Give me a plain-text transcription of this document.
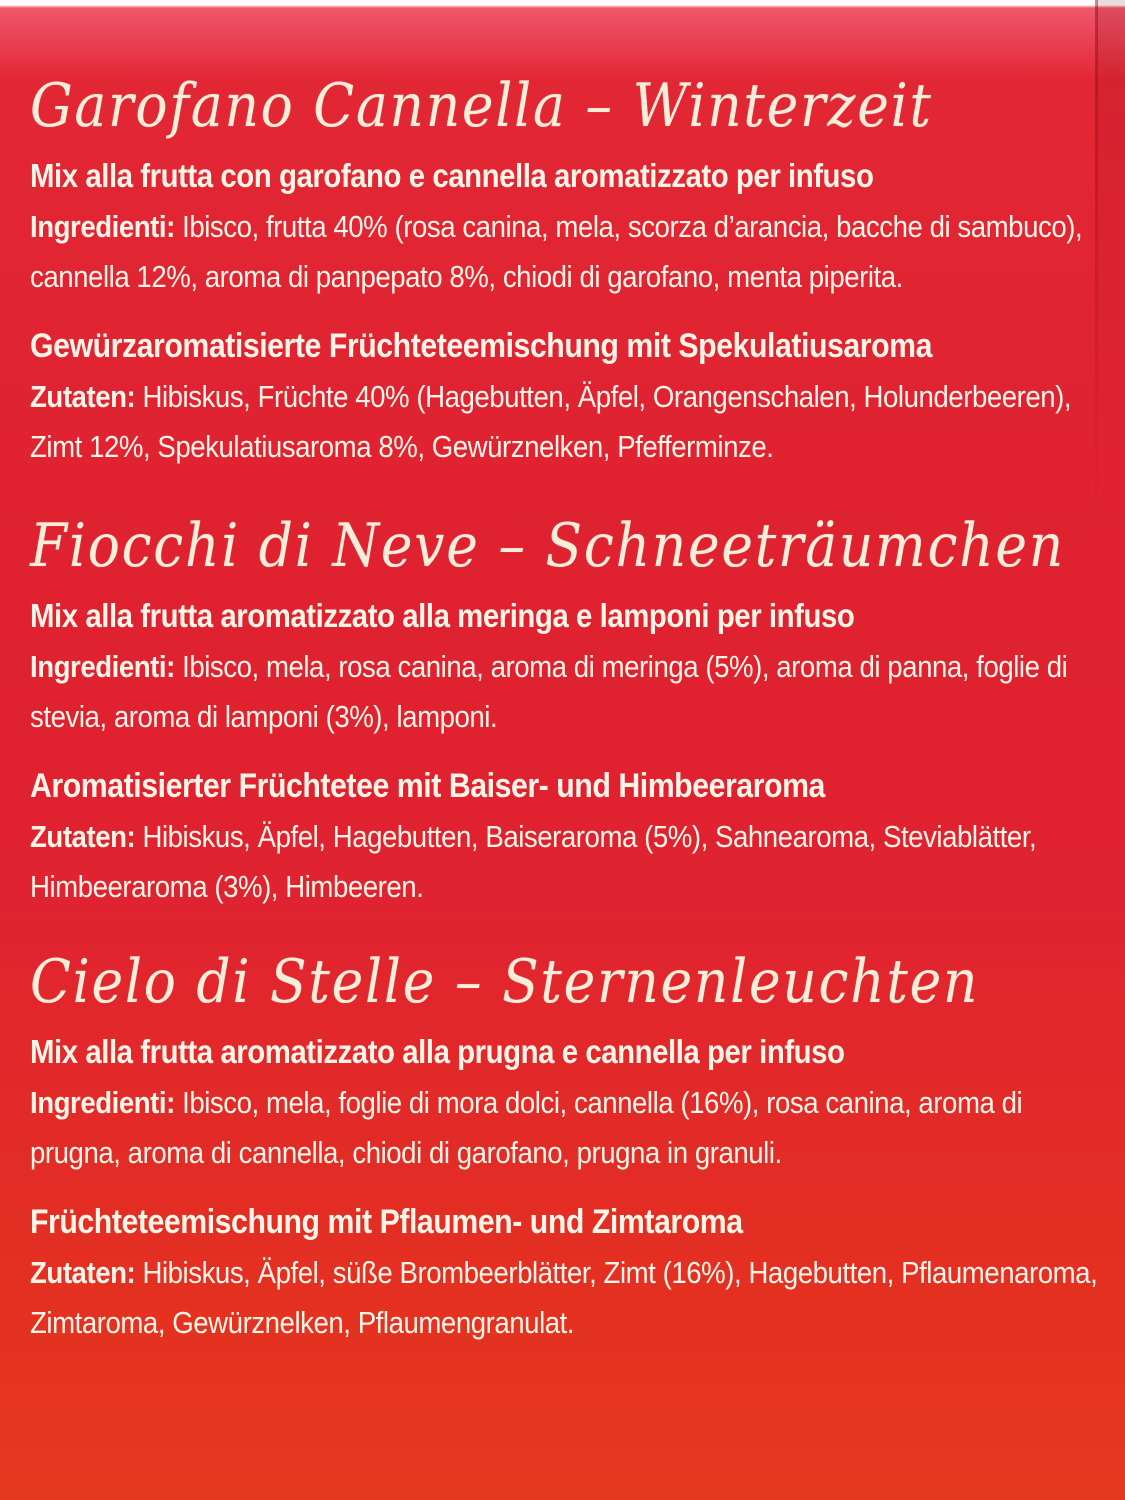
Garofano Cannella – Winterzeit

Mix alla frutta con garofano e cannella aromatizzato per infuso

Ingredienti: Ibisco, frutta 40% (rosa canina, mela, scorza d’arancia, bacche di sambuco), cannella 12%, aroma di panpepato 8%, chiodi di garofano, menta piperita.

Gewürzaromatisierte Früchteteemischung mit Spekulatiusaroma

Zutaten: Hibiskus, Früchte 40% (Hagebutten, Äpfel, Orangenschalen, Holunderbeeren), Zimt 12%, Spekulatiusaroma 8%, Gewürznelken, Pfefferminze.

Fiocchi di Neve – Schneeträumchen

Mix alla frutta aromatizzato alla meringa e lamponi per infuso

Ingredienti: Ibisco, mela, rosa canina, aroma di meringa (5%), aroma di panna, foglie di stevia, aroma di lamponi (3%), lamponi.

Aromatisierter Früchtetee mit Baiser- und Himbeeraroma

Zutaten: Hibiskus, Äpfel, Hagebutten, Baiseraroma (5%), Sahnearoma, Steviablätter, Himbeeraroma (3%), Himbeeren.

Cielo di Stelle – Sternenleuchten

Mix alla frutta aromatizzato alla prugna e cannella per infuso

Ingredienti: Ibisco, mela, foglie di mora dolci, cannella (16%), rosa canina, aroma di prugna, aroma di cannella, chiodi di garofano, prugna in granuli.

Früchteteemischung mit Pflaumen- und Zimtaroma

Zutaten: Hibiskus, Äpfel, süße Brombeerblätter, Zimt (16%), Hagebutten, Pflaumenaroma, Zimtaroma, Gewürznelken, Pflaumengranulat.
